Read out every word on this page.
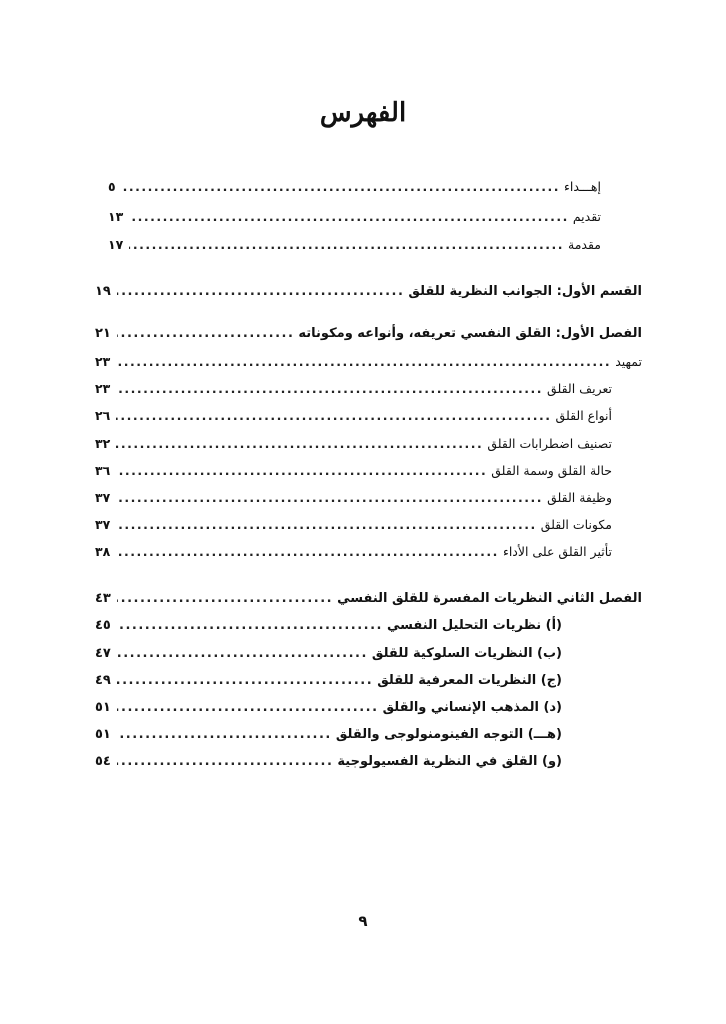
الفهرس
إهـــداء
.....
٥
تقديم
.....
١٣
مقدمة
.....
١٧
القسم الأول: الجوانب النظرية للقلق
.....
١٩
الفصل الأول: القلق النفسي تعريفه، وأنواعه ومكوناته
.....
٢١
تمهيد
.....
٢٣
تعريف القلق
.....
٢٣
أنواع القلق
.....
٢٦
تصنيف اضطرابات القلق
.....
٣٢
حالة القلق وسمة القلق
.....
٣٦
وظيفة القلق
.....
٣٧
مكونات القلق
.....
٣٧
تأثير القلق على الأداء
.....
٣٨
الفصل الثاني النظريات المفسرة للقلق النفسي
.....
٤٣
(أ) نظريات التحليل النفسي
.....
٤٥
(ب) النظريات السلوكية للقلق
.....
٤٧
(ج) النظريات المعرفية للقلق
.....
٤٩
(د) المذهب الإنساني والقلق
.....
٥١
(هـــ) التوجه الفينومنولوجى والقلق
.....
٥١
(و) القلق في النظرية الفسيولوجية
.....
٥٤
٩
